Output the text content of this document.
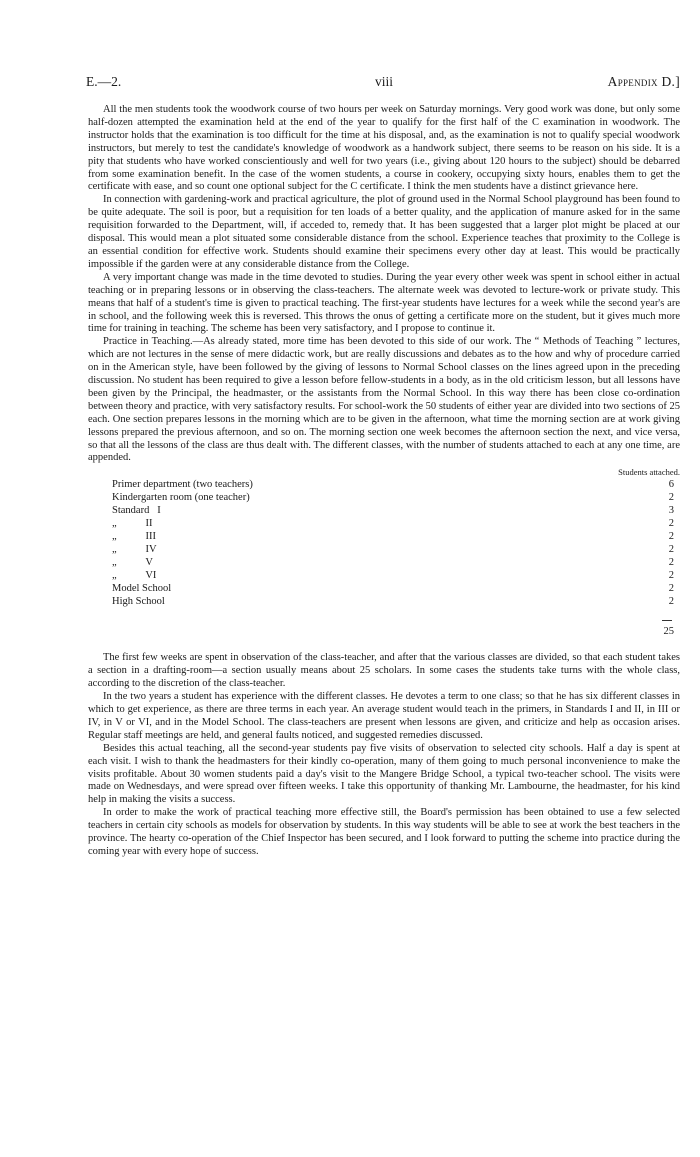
E.—2.	viii	Appendix D.]

All the men students took the woodwork course of two hours per week on Saturday mornings. Very good work was done, but only some half-dozen attempted the examination held at the end of the year to qualify for the first half of the C examination in woodwork. The instructor holds that the examination is too difficult for the time at his disposal, and, as the examination is not to qualify special woodwork instructors, but merely to test the candidate's knowledge of woodwork as a handwork subject, there seems to be reason on his side. It is a pity that students who have worked conscientiously and well for two years (i.e., giving about 120 hours to the subject) should be debarred from some examination benefit. In the case of the women students, a course in cookery, occupying sixty hours, enables them to get the certificate with ease, and so count one optional subject for the C certificate. I think the men students have a distinct grievance here.

In connection with gardening-work and practical agriculture, the plot of ground used in the Normal School playground has been found to be quite adequate. The soil is poor, but a requisition for ten loads of a better quality, and the application of manure asked for in the same requisition forwarded to the Department, will, if acceded to, remedy that. It has been suggested that a larger plot might be placed at our disposal. This would mean a plot situated some considerable distance from the school. Experience teaches that proximity to the College is an essential condition for effective work. Students should examine their specimens every other day at least. This would be practically impossible if the garden were at any considerable distance from the College.

A very important change was made in the time devoted to studies. During the year every other week was spent in school either in actual teaching or in preparing lessons or in observing the class-teachers. The alternate week was devoted to lecture-work or private study. This means that half of a student's time is given to practical teaching. The first-year students have lectures for a week while the second year's are in school, and the following week this is reversed. This throws the onus of getting a certificate more on the student, but it gives much more time for training in teaching. The scheme has been very satisfactory, and I propose to continue it.

Practice in Teaching.—As already stated, more time has been devoted to this side of our work. The “ Methods of Teaching ” lectures, which are not lectures in the sense of mere didactic work, but are really discussions and debates as to the how and why of procedure carried on in the American style, have been followed by the giving of lessons to Normal School classes on the lines agreed upon in the preceding discussion. No student has been required to give a lesson before fellow-students in a body, as in the old criticism lesson, but all lessons have been given by the Principal, the headmaster, or the assistants from the Normal School. In this way there has been close co-ordination between theory and practice, with very satisfactory results. For school-work the 50 students of either year are divided into two sections of 25 each. One section prepares lessons in the morning which are to be given in the afternoon, what time the morning section are at work giving lessons prepared the previous afternoon, and so on. The morning section one week becomes the afternoon section the next, and vice versa, so that all the lessons of the class are thus dealt with. The different classes, with the number of students attached to each at any one time, are appended.

Students attached.
Primer department (two teachers)	6
Kindergarten room (one teacher)	2
Standard   I	3
„           II	2
„           III	2
„           IV	2
„           V	2
„           VI	2
Model School	2
High School	2
25

The first few weeks are spent in observation of the class-teacher, and after that the various classes are divided, so that each student takes a section in a drafting-room—a section usually means about 25 scholars. In some cases the students take turns with the whole class, according to the discretion of the class-teacher.

In the two years a student has experience with the different classes. He devotes a term to one class; so that he has six different classes in which to get experience, as there are three terms in each year. An average student would teach in the primers, in Standards I and II, in III or IV, in V or VI, and in the Model School. The class-teachers are present when lessons are given, and criticize and help as occasion arises. Regular staff meetings are held, and general faults noticed, and suggested remedies discussed.

Besides this actual teaching, all the second-year students pay five visits of observation to selected city schools. Half a day is spent at each visit. I wish to thank the headmasters for their kindly co-operation, many of them going to much personal inconvenience to make the visits profitable. About 30 women students paid a day's visit to the Mangere Bridge School, a typical two-teacher school. The visits were made on Wednesdays, and were spread over fifteen weeks. I take this opportunity of thanking Mr. Lambourne, the headmaster, for his kind help in making the visits a success.

In order to make the work of practical teaching more effective still, the Board's permission has been obtained to use a few selected teachers in certain city schools as models for observation by students. In this way students will be able to see at work the best teachers in the province. The hearty co-operation of the Chief Inspector has been secured, and I look forward to putting the scheme into practice during the coming year with every hope of success.
